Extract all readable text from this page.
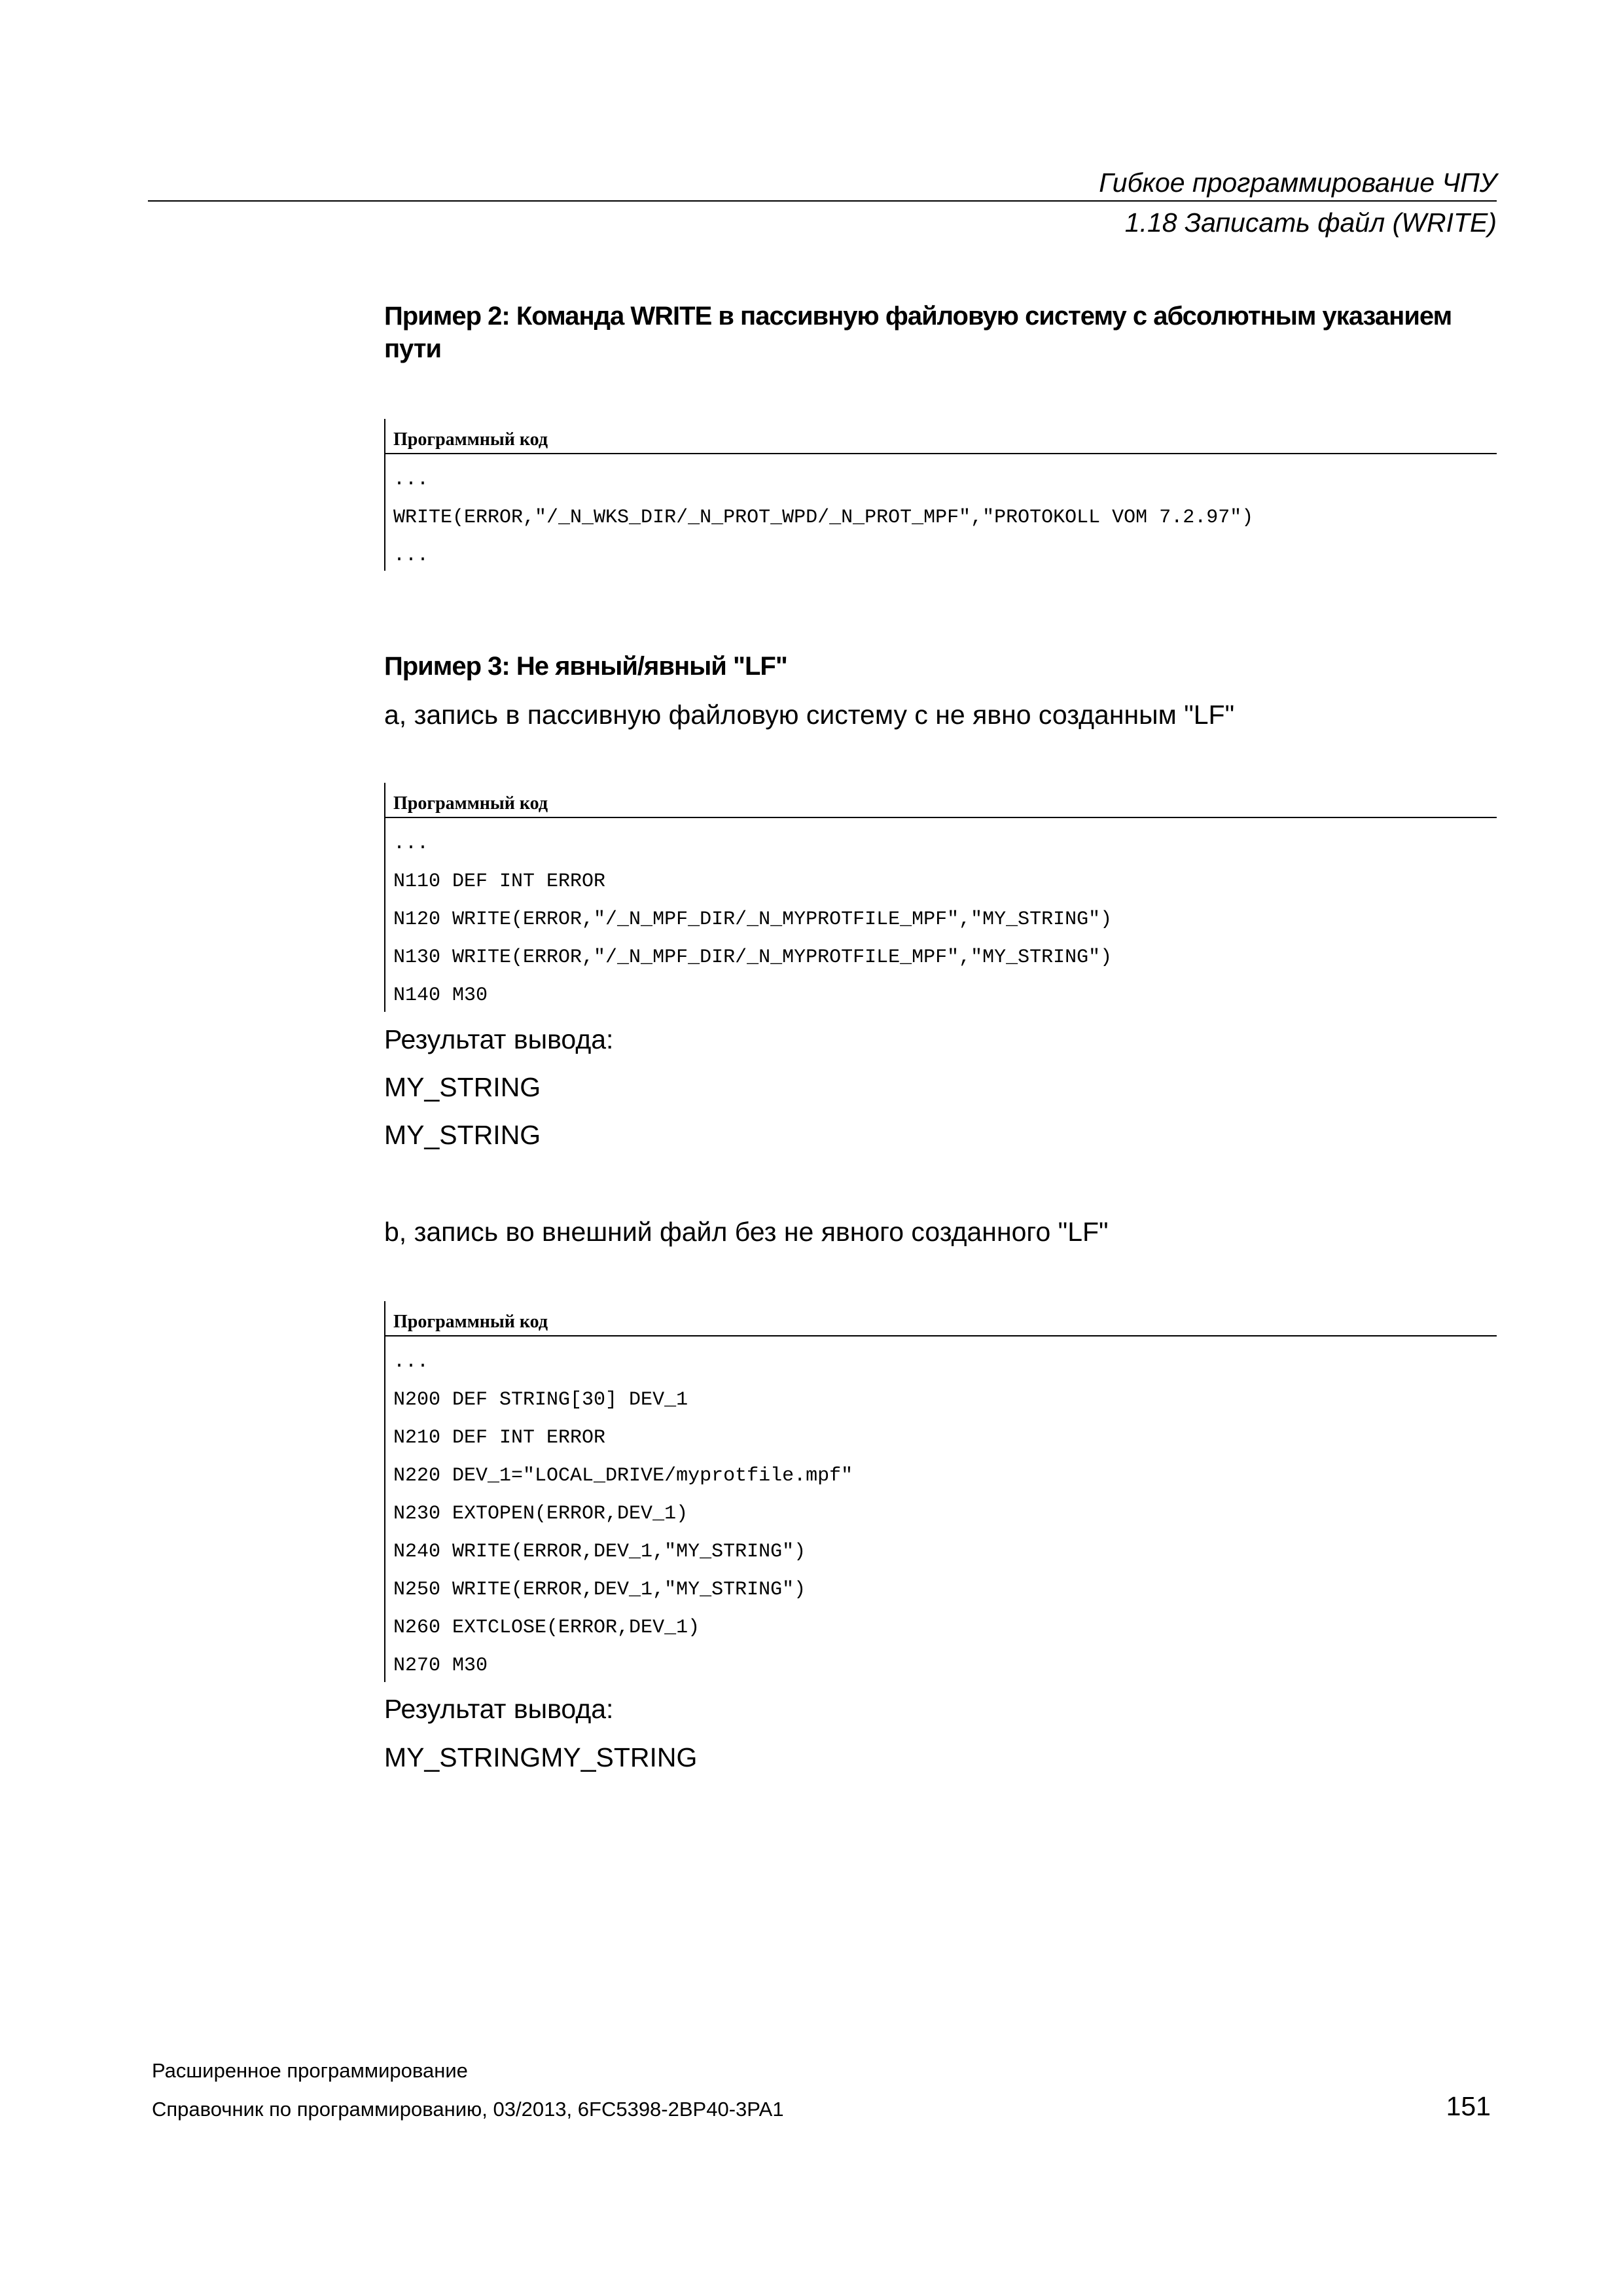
Гибкое программирование ЧПУ
1.18 Записать файл (WRITE)
Пример 2: Команда WRITE в пассивную файловую систему с абсолютным указанием пути
Программный код
...
WRITE(ERROR,"/_N_WKS_DIR/_N_PROT_WPD/_N_PROT_MPF","PROTOKOLL VOM 7.2.97")
...
Пример 3: Не явный/явный "LF"
a, запись в пассивную файловую систему с не явно созданным "LF"
Программный код
...
N110 DEF INT ERROR
N120 WRITE(ERROR,"/_N_MPF_DIR/_N_MYPROTFILE_MPF","MY_STRING")
N130 WRITE(ERROR,"/_N_MPF_DIR/_N_MYPROTFILE_MPF","MY_STRING")
N140 M30
Результат вывода:
MY_STRING
MY_STRING
b, запись во внешний файл без не явного созданного "LF"
Программный код
...
N200 DEF STRING[30] DEV_1
N210 DEF INT ERROR
N220 DEV_1="LOCAL_DRIVE/myprotfile.mpf"
N230 EXTOPEN(ERROR,DEV_1)
N240 WRITE(ERROR,DEV_1,"MY_STRING")
N250 WRITE(ERROR,DEV_1,"MY_STRING")
N260 EXTCLOSE(ERROR,DEV_1)
N270 M30
Результат вывода:
MY_STRINGMY_STRING
Расширенное программирование
Справочник по программированию, 03/2013, 6FC5398-2BP40-3PA1	151
